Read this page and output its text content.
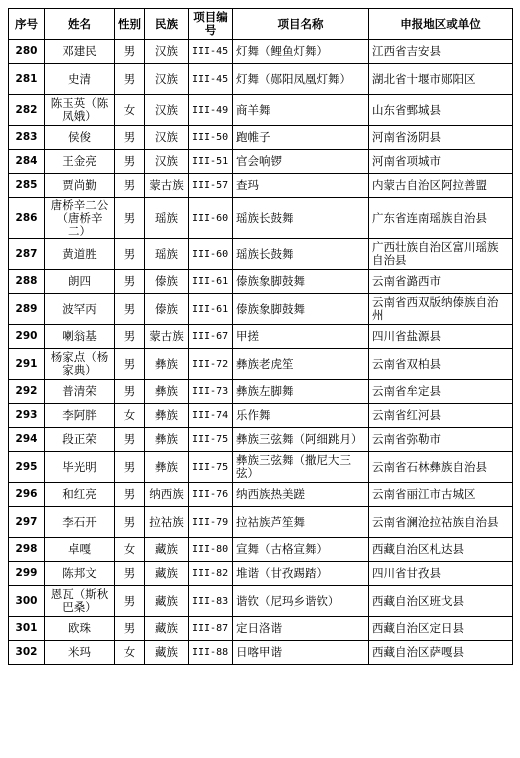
序号	姓名	性别	民族	项目编号	项目名称	申报地区或单位
280	邓建民	男	汉族	III-45	灯舞（鲤鱼灯舞）	江西省吉安县
281	史清	男	汉族	III-45	灯舞（郧阳凤凰灯舞）	湖北省十堰市郧阳区
282	陈玉英（陈凤娥）	女	汉族	III-49	商羊舞	山东省鄄城县
283	侯俊	男	汉族	III-50	跑帷子	河南省汤阴县
284	王金亮	男	汉族	III-51	官会响锣	河南省项城市
285	贾尚勤	男	蒙古族	III-57	查玛	内蒙古自治区阿拉善盟
286	唐桥辛二公（唐桥辛二）	男	瑶族	III-60	瑶族长鼓舞	广东省连南瑶族自治县
287	黄道胜	男	瑶族	III-60	瑶族长鼓舞	广西壮族自治区富川瑶族自治县
288	朗四	男	傣族	III-61	傣族象脚鼓舞	云南省潞西市
289	波罕丙	男	傣族	III-61	傣族象脚鼓舞	云南省西双版纳傣族自治州
290	喇翁基	男	蒙古族	III-67	甲搓	四川省盐源县
291	杨家点（杨家典）	男	彝族	III-72	彝族老虎笙	云南省双柏县
292	普清荣	男	彝族	III-73	彝族左脚舞	云南省牟定县
293	李阿胖	女	彝族	III-74	乐作舞	云南省红河县
294	段正荣	男	彝族	III-75	彝族三弦舞（阿细跳月）	云南省弥勒市
295	毕光明	男	彝族	III-75	彝族三弦舞（撒尼大三弦）	云南省石林彝族自治县
296	和红亮	男	纳西族	III-76	纳西族热美蹉	云南省丽江市古城区
297	李石开	男	拉祜族	III-79	拉祜族芦笙舞	云南省澜沧拉祜族自治县
298	卓嘎	女	藏族	III-80	宣舞（古格宣舞）	西藏自治区札达县
299	陈邦文	男	藏族	III-82	堆谐（甘孜踢踏）	四川省甘孜县
300	恩瓦（斯秋巴桑）	男	藏族	III-83	谐钦（尼玛乡谐钦）	西藏自治区班戈县
301	欧珠	男	藏族	III-87	定日洛谐	西藏自治区定日县
302	米玛	女	藏族	III-88	日喀甲谐	西藏自治区萨嘎县
